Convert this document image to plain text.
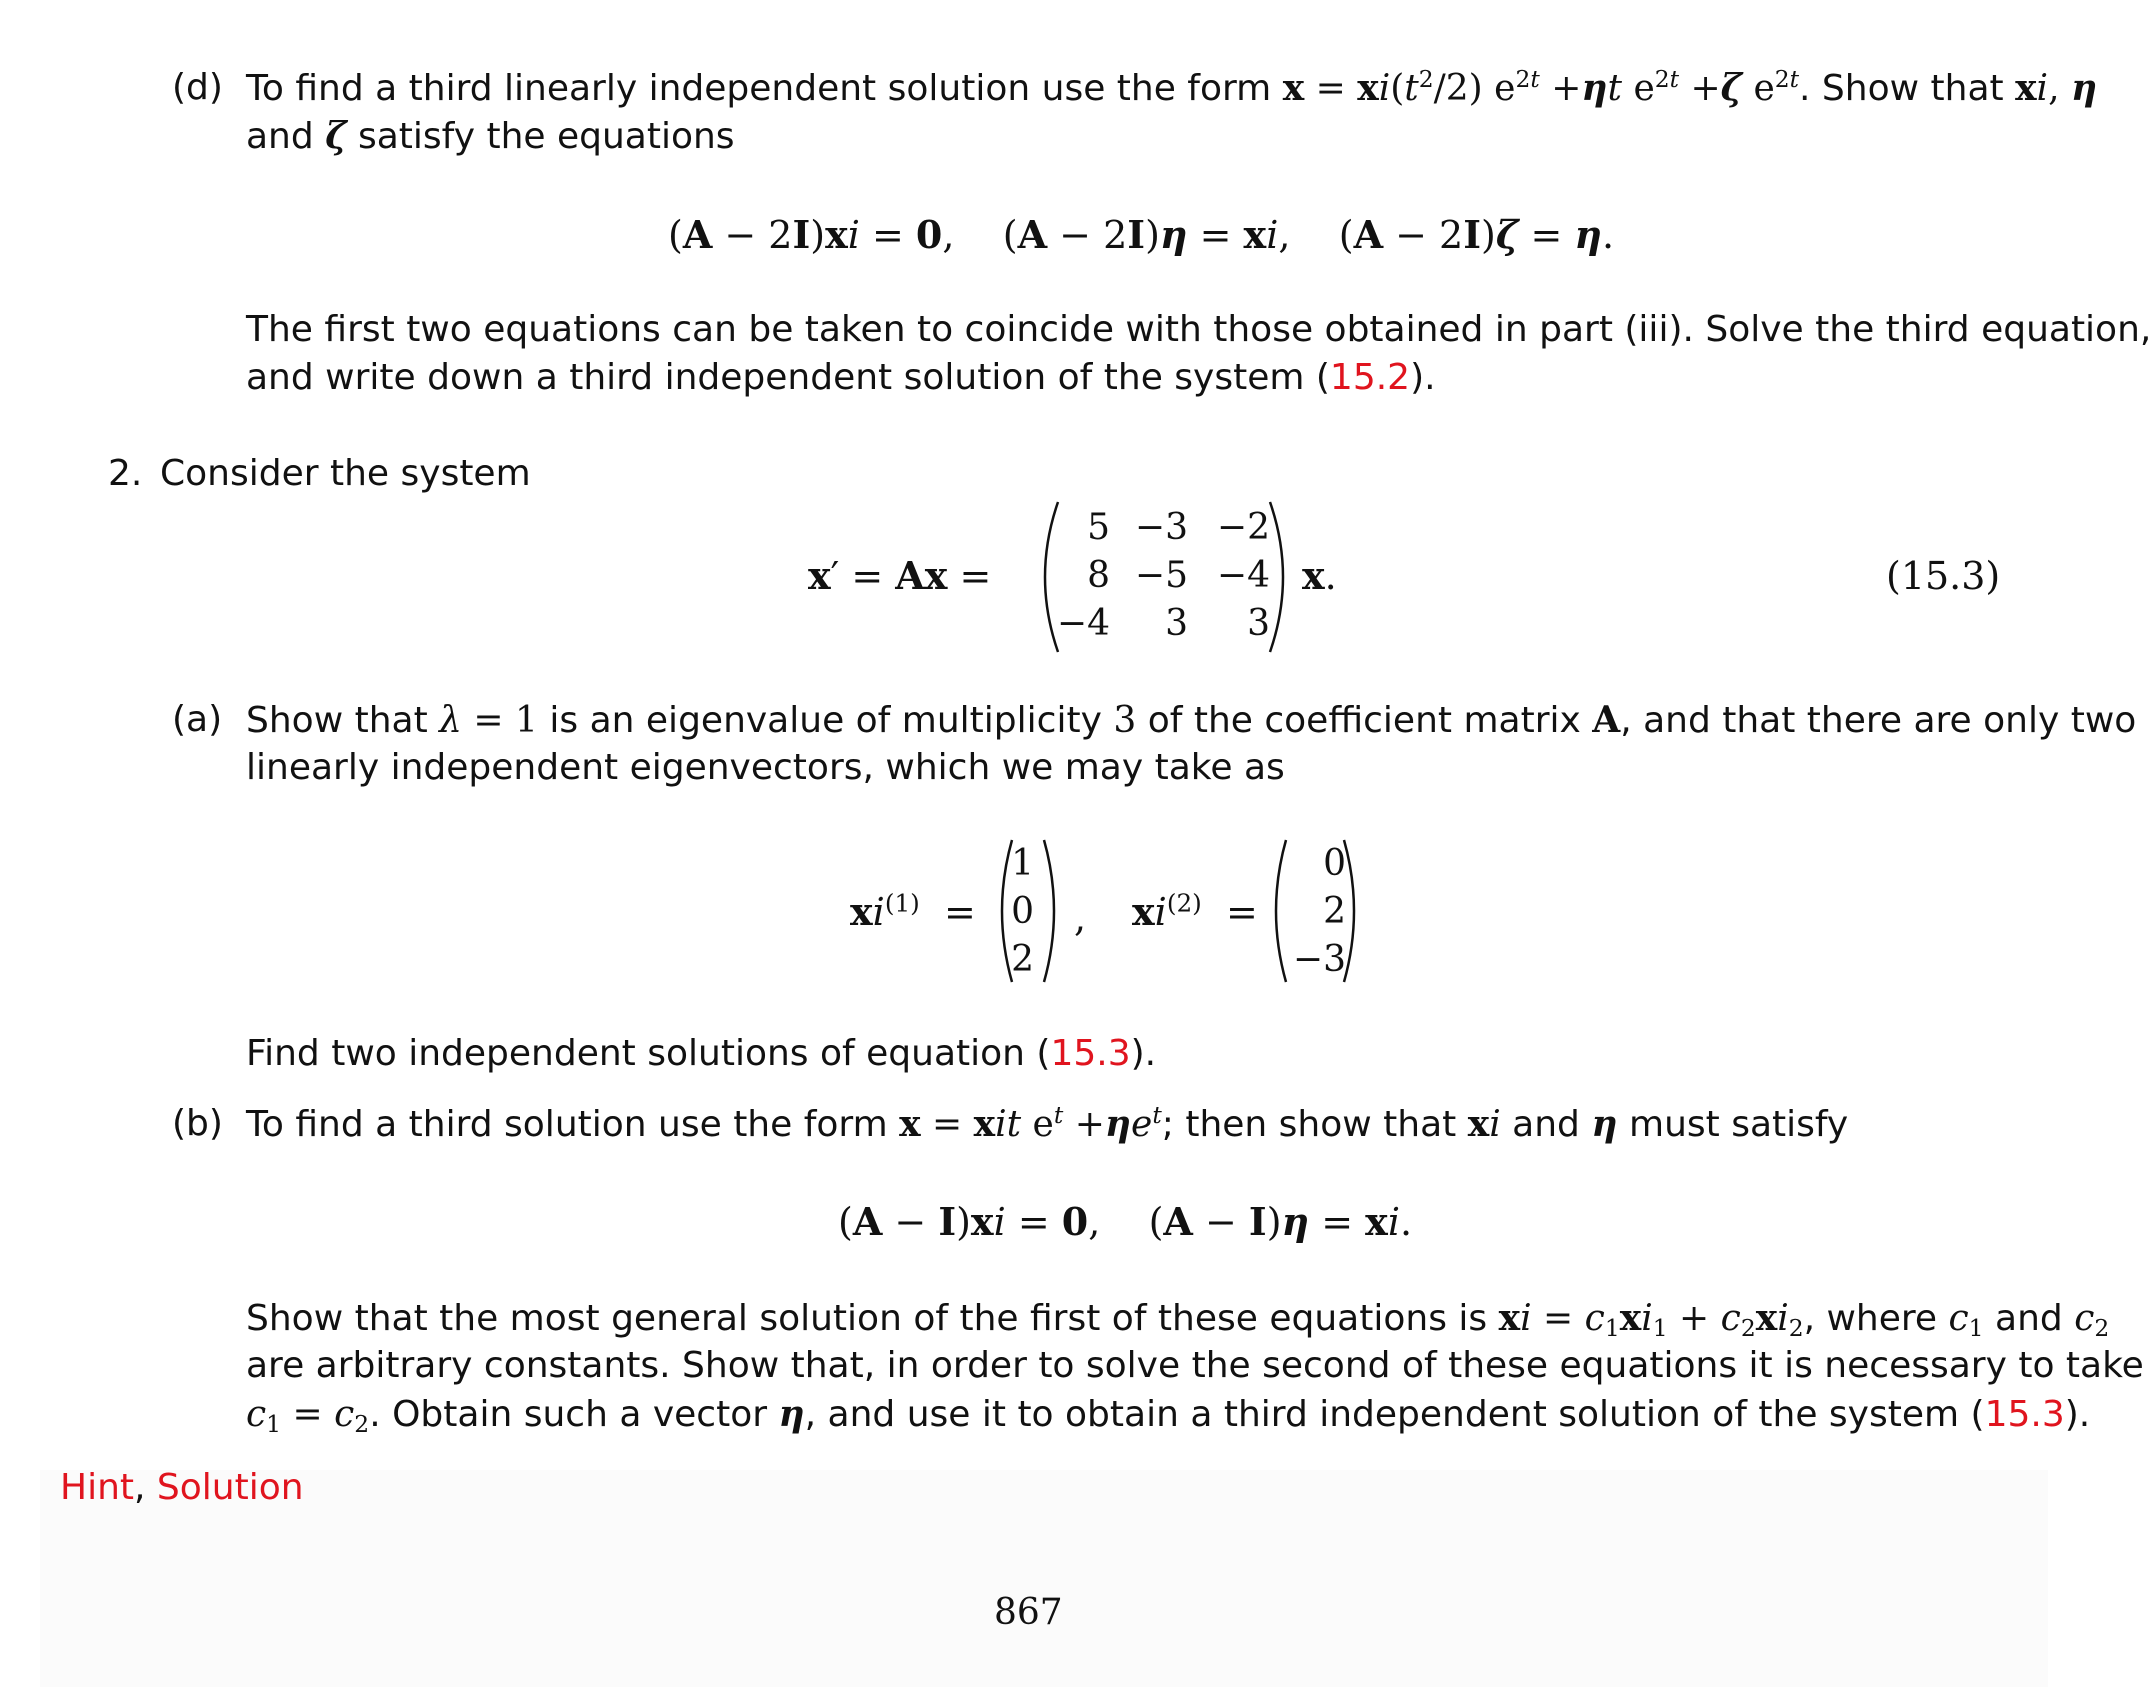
(d) To find a third linearly independent solution use the form $x = xi(t^2/2)$ $e^{2t} +\eta t$ $e^{2t} +\zeta$ $e^{2t}$. Show that xi, η
and ζ satisfy the equations
(A − 2I)xi = 0,    (A − 2I)η = xi,    (A − 2I)ζ = η.
The first two equations can be taken to coincide with those obtained in part (iii). Solve the third equation,
and write down a third independent solution of the system (15.2).
2. Consider the system
x′ = Ax =
5 −3 −2
8 −5 −4
−4	3	3
x.	(15.3)
(a) Show that λ = 1 is an eigenvalue of multiplicity 3 of the coefficient matrix A, and that there are only two
linearly independent eigenvectors, which we may take as
$xi^{(1)}$  =
1
0
2
, $xi^{(2)}$  =
0
2
−3
Find two independent solutions of equation (15.3).
(b) To find a third solution use the form x = xit $e^t +\eta e^t$; then show that xi and η must satisfy
(A − I)xi = 0,    (A − I)η = xi.
Show that the most general solution of the first of these equations is xi = $c_1xi_1 + c_2xi_2$, where $c_1$ and $c_2$
are arbitrary constants. Show that, in order to solve the second of these equations it is necessary to take
$c_1 = c_2$. Obtain such a vector η, and use it to obtain a third independent solution of the system (15.3).
Hint, Solution
867
